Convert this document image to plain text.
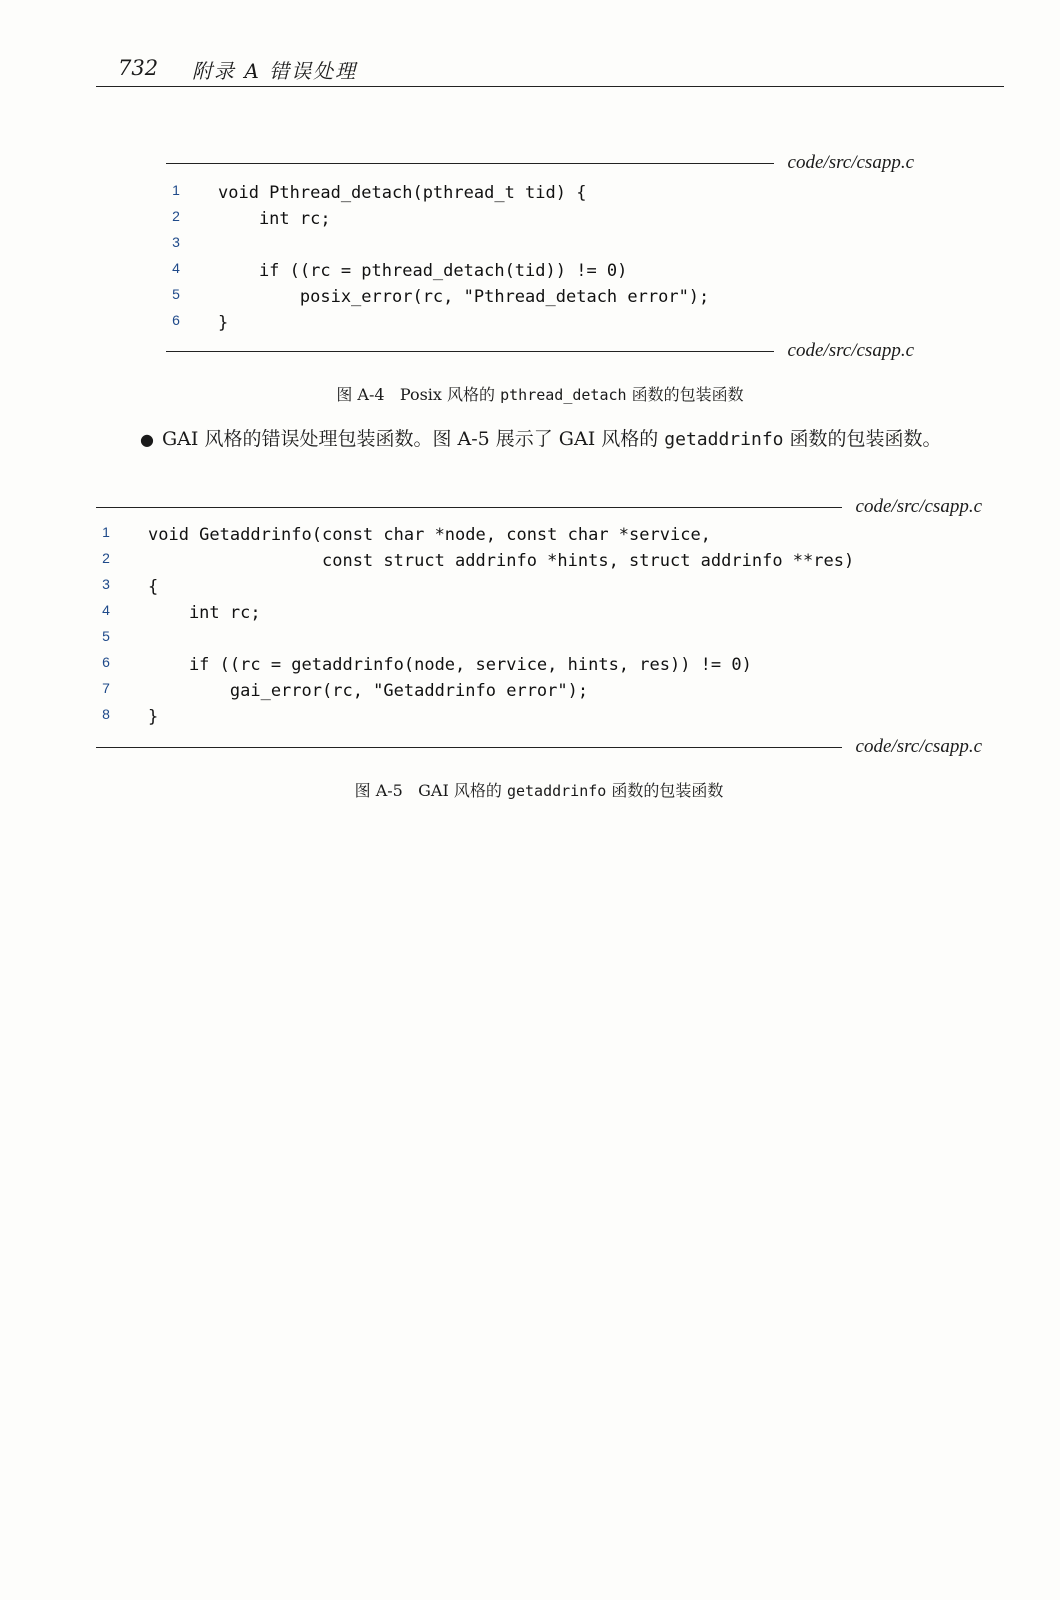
732 附录 A 错误处理
code/src/csapp.c
1	void Pthread_detach(pthread_t tid) {
2	int rc;
3
4	if ((rc = pthread_detach(tid)) != 0)
5	posix_error(rc, "Pthread_detach error");
6	}
code/src/csapp.c
图 A-4 Posix 风格的 pthread_detach 函数的包装函数
● GAI 风格的错误处理包装函数。图 A-5 展示了 GAI 风格的 getaddrinfo 函数的包装函数。
code/src/csapp.c
1	void Getaddrinfo(const char *node, const char *service,
2	const struct addrinfo *hints, struct addrinfo **res)
3	{
4	int rc;
5
6	if ((rc = getaddrinfo(node, service, hints, res)) != 0)
7	gai_error(rc, "Getaddrinfo error");
8	}
code/src/csapp.c
图 A-5 GAI 风格的 getaddrinfo 函数的包装函数
